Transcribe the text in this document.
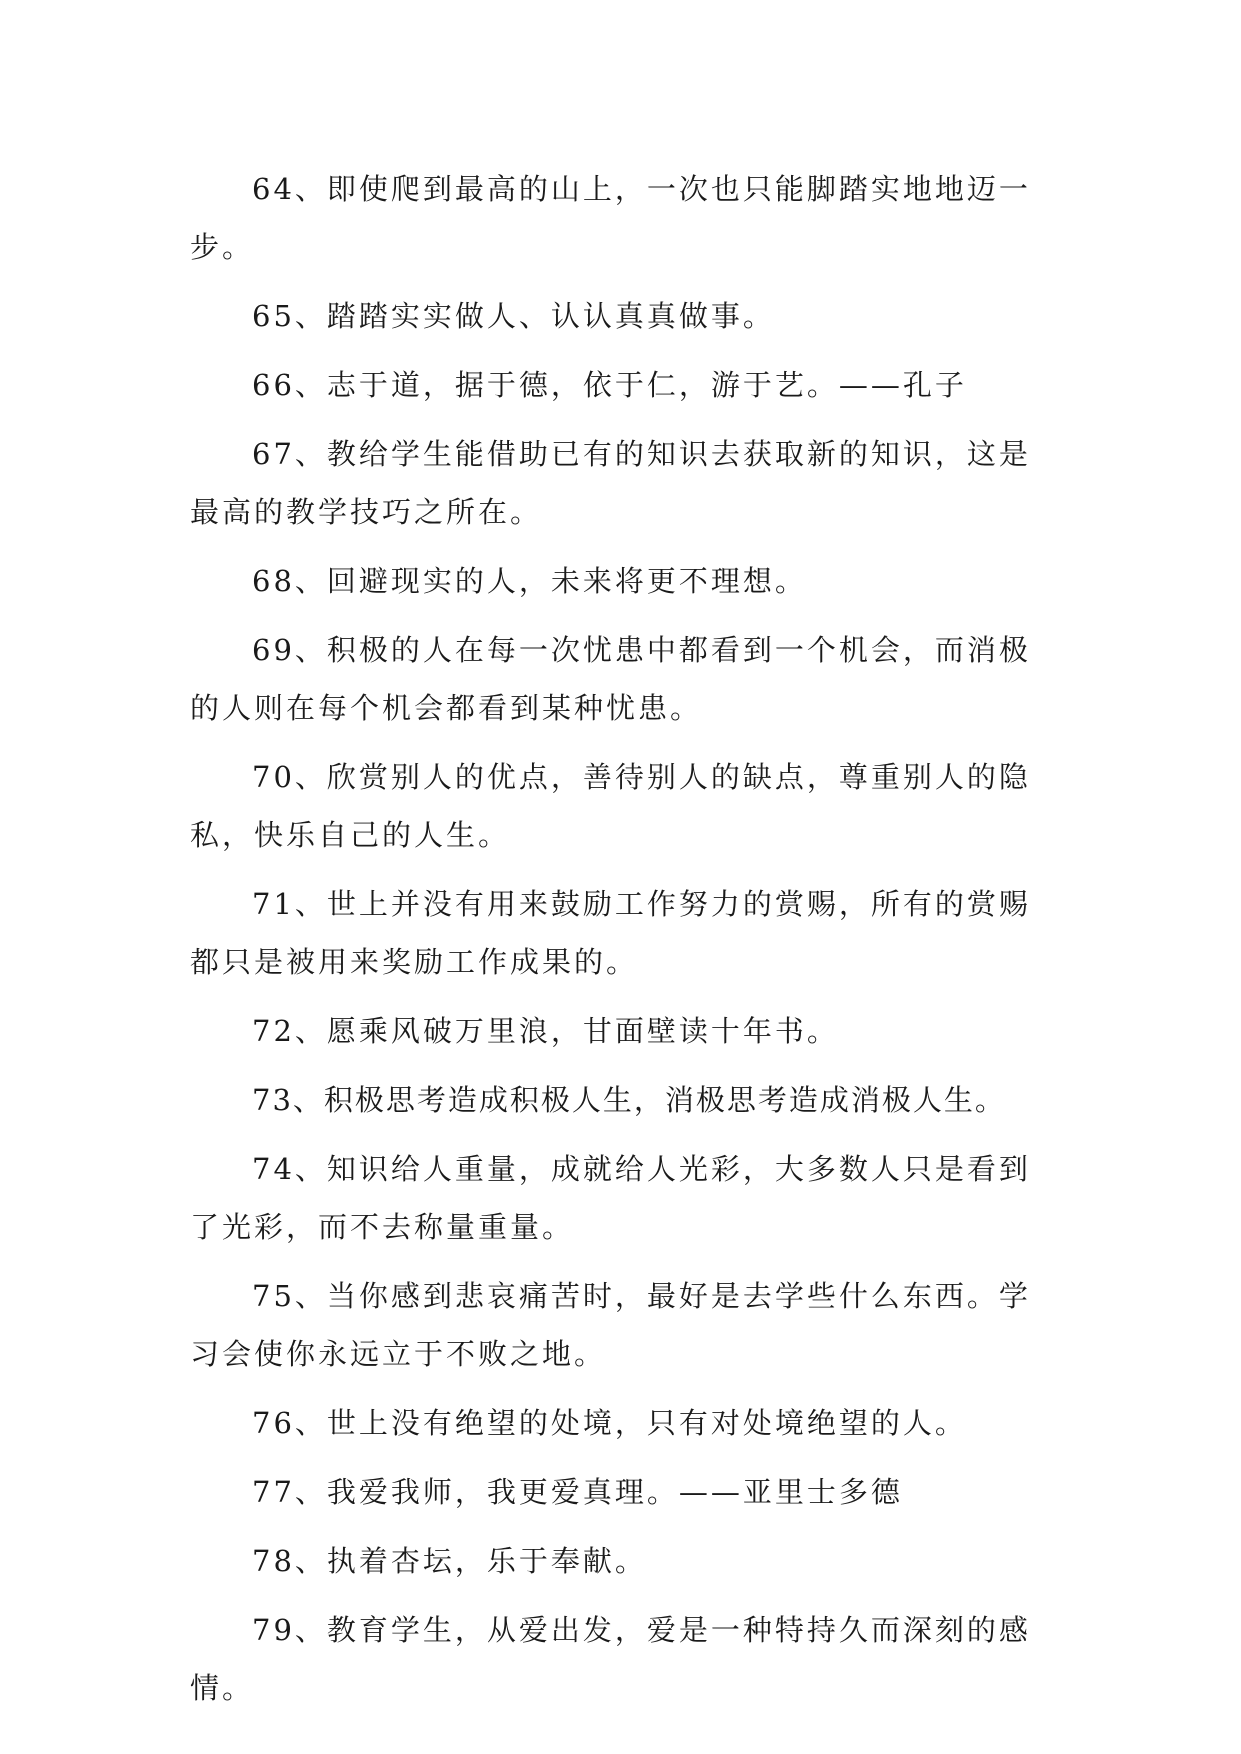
64、即使爬到最高的山上，一次也只能脚踏实地地迈一步。

65、踏踏实实做人、认认真真做事。

66、志于道，据于德，依于仁，游于艺。——孔子

67、教给学生能借助已有的知识去获取新的知识，这是最高的教学技巧之所在。

68、回避现实的人，未来将更不理想。

69、积极的人在每一次忧患中都看到一个机会，而消极的人则在每个机会都看到某种忧患。

70、欣赏别人的优点，善待别人的缺点，尊重别人的隐私，快乐自己的人生。

71、世上并没有用来鼓励工作努力的赏赐，所有的赏赐都只是被用来奖励工作成果的。

72、愿乘风破万里浪，甘面壁读十年书。

73、积极思考造成积极人生，消极思考造成消极人生。

74、知识给人重量，成就给人光彩，大多数人只是看到了光彩，而不去称量重量。

75、当你感到悲哀痛苦时，最好是去学些什么东西。学习会使你永远立于不败之地。

76、世上没有绝望的处境，只有对处境绝望的人。

77、我爱我师，我更爱真理。——亚里士多德

78、执着杏坛，乐于奉献。

79、教育学生，从爱出发，爱是一种特持久而深刻的感情。
